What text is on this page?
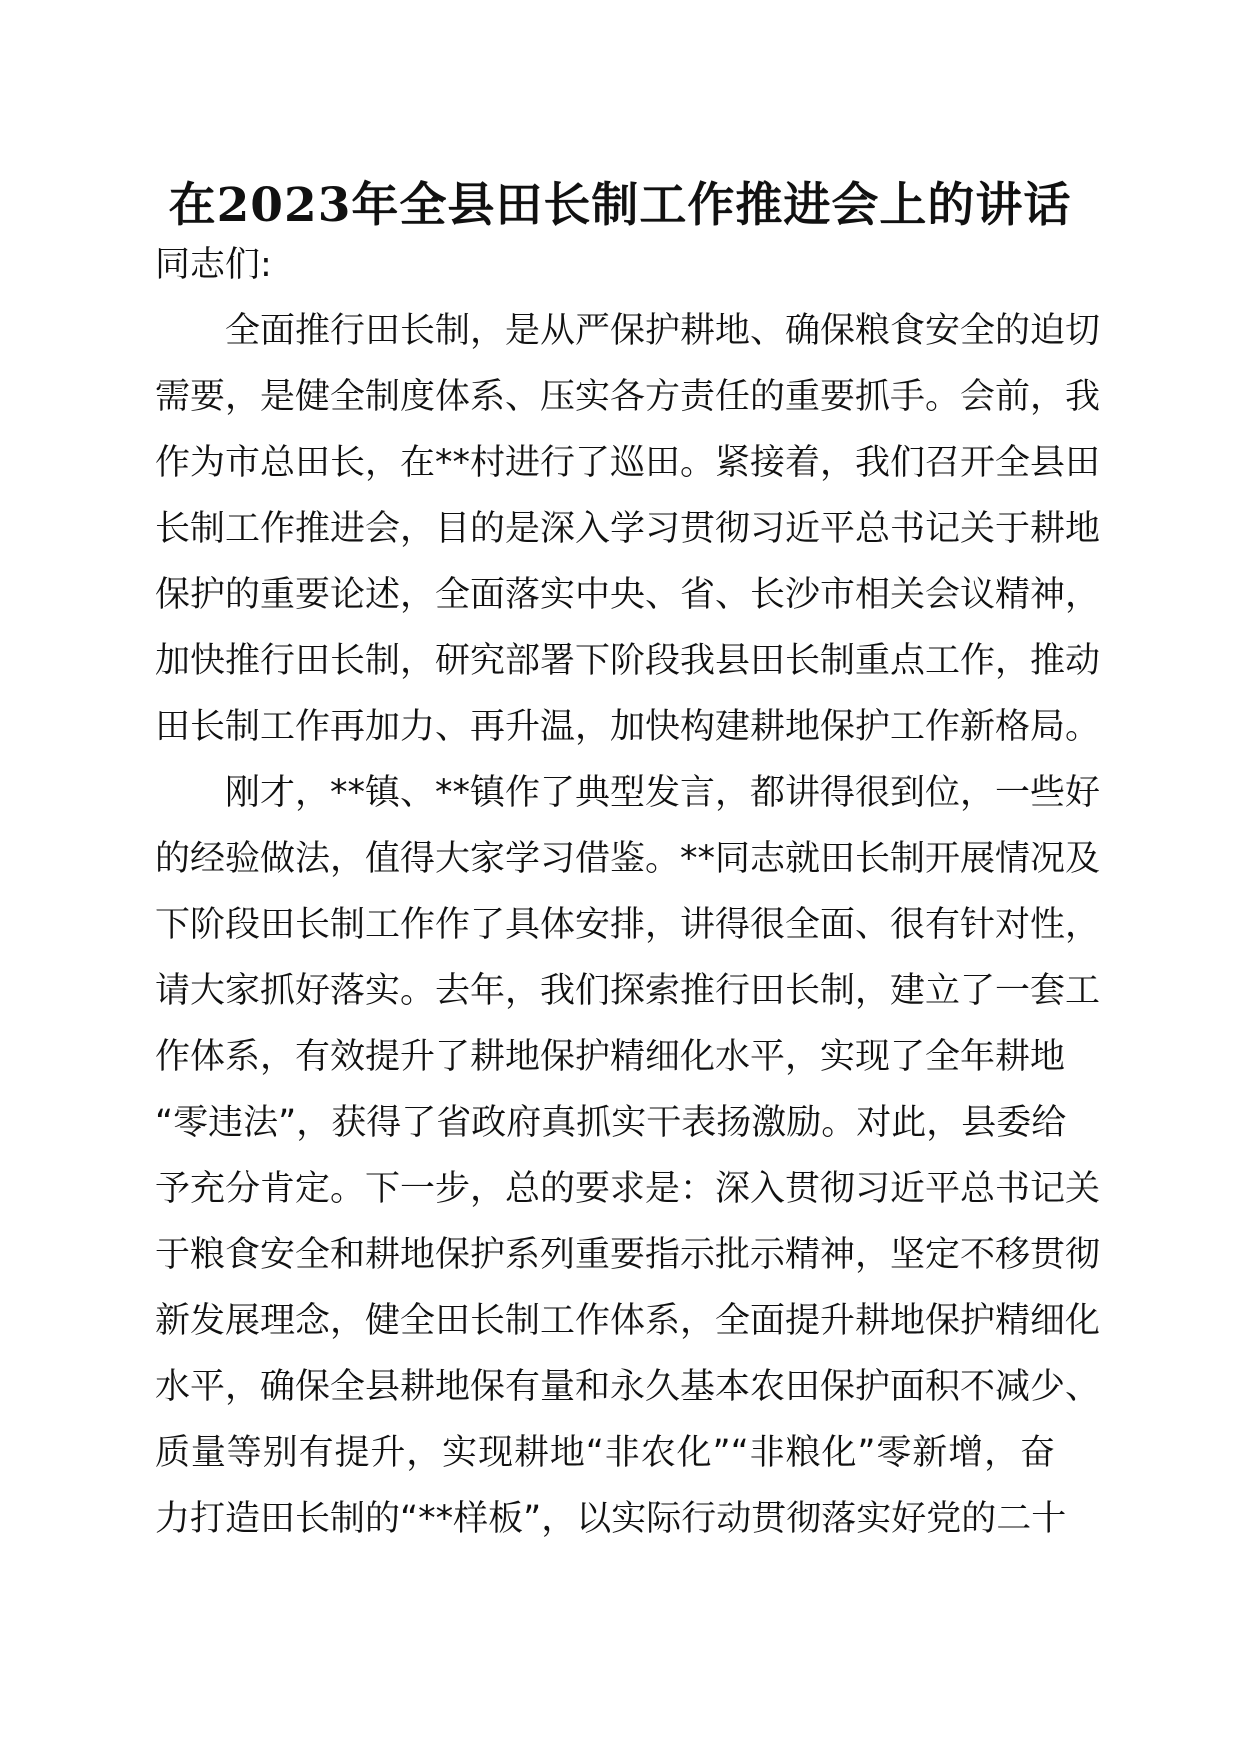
在2023年全县田长制工作推进会上的讲话
同志们:
全面推行田长制，是从严保护耕地、确保粮食安全的迫切
需要，是健全制度体系、压实各方责任的重要抓手。会前，我
作为市总田长，在**村进行了巡田。紧接着，我们召开全县田
长制工作推进会，目的是深入学习贯彻习近平总书记关于耕地
保护的重要论述，全面落实中央、省、长沙市相关会议精神，
加快推行田长制，研究部署下阶段我县田长制重点工作，推动
田长制工作再加力、再升温，加快构建耕地保护工作新格局。
刚才，**镇、**镇作了典型发言，都讲得很到位，一些好
的经验做法，值得大家学习借鉴。**同志就田长制开展情况及
下阶段田长制工作作了具体安排，讲得很全面、很有针对性，
请大家抓好落实。去年，我们探索推行田长制，建立了一套工
作体系，有效提升了耕地保护精细化水平，实现了全年耕地
“零违法”，获得了省政府真抓实干表扬激励。对此，县委给
予充分肯定。下一步，总的要求是：深入贯彻习近平总书记关
于粮食安全和耕地保护系列重要指示批示精神，坚定不移贯彻
新发展理念，健全田长制工作体系，全面提升耕地保护精细化
水平，确保全县耕地保有量和永久基本农田保护面积不减少、
质量等别有提升，实现耕地“非农化”“非粮化”零新增，奋
力打造田长制的“**样板”，以实际行动贯彻落实好党的二十
